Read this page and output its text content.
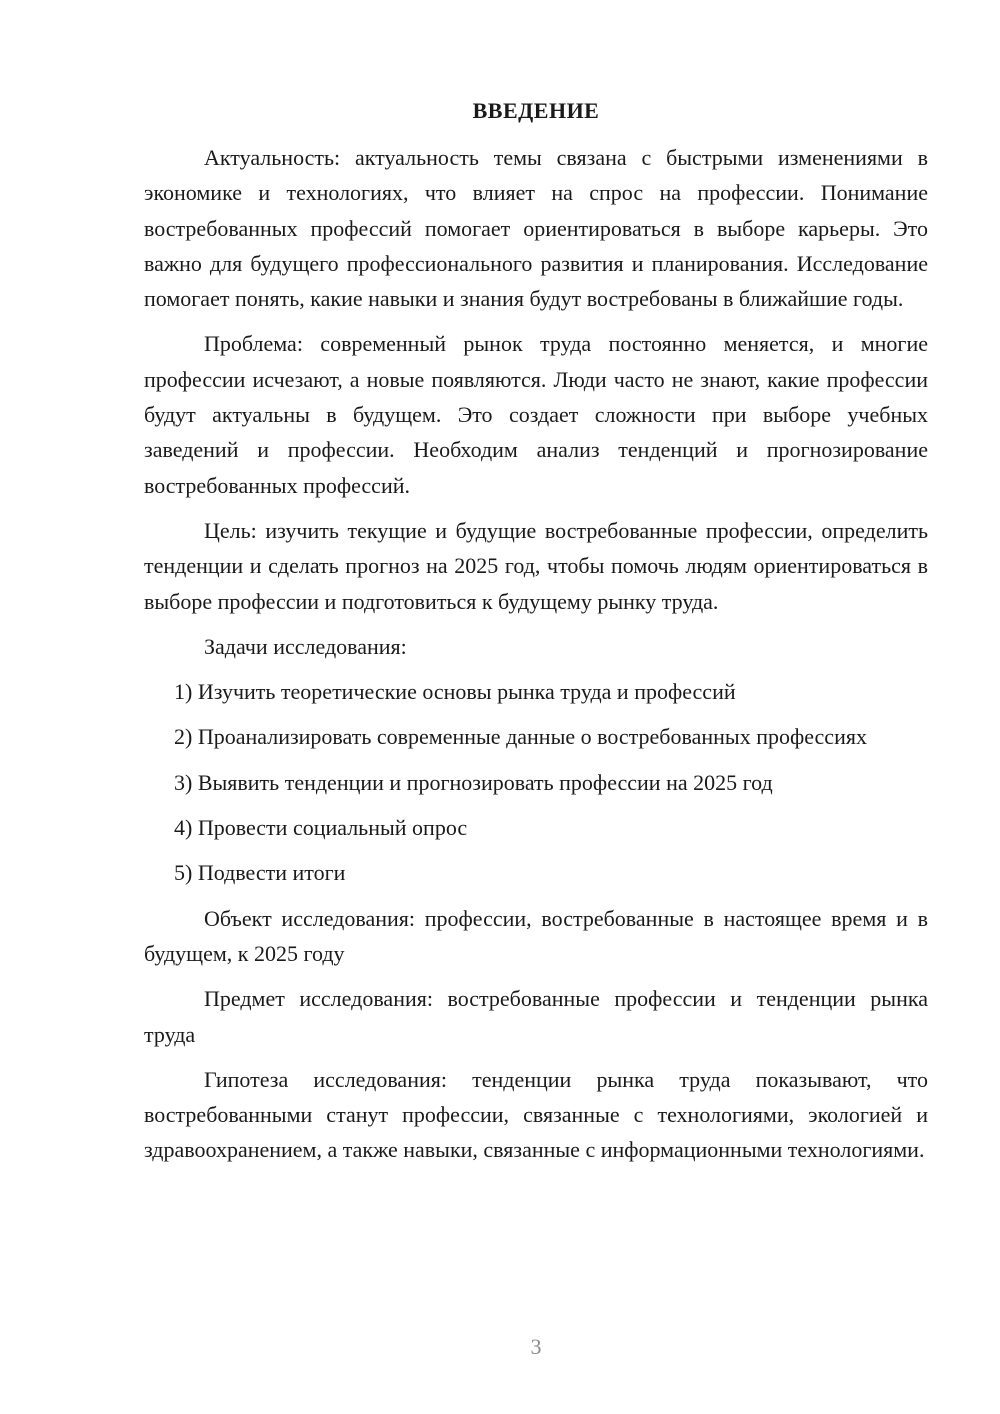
ВВЕДЕНИЕ

Актуальность: актуальность темы связана с быстрыми изменениями в экономике и технологиях, что влияет на спрос на профессии. Понимание востребованных профессий помогает ориентироваться в выборе карьеры. Это важно для будущего профессионального развития и планирования. Исследование помогает понять, какие навыки и знания будут востребованы в ближайшие годы.

Проблема: современный рынок труда постоянно меняется, и многие профессии исчезают, а новые появляются. Люди часто не знают, какие профессии будут актуальны в будущем. Это создает сложности при выборе учебных заведений и профессии. Необходим анализ тенденций и прогнозирование востребованных профессий.

Цель: изучить текущие и будущие востребованные профессии, определить тенденции и сделать прогноз на 2025 год, чтобы помочь людям ориентироваться в выборе профессии и подготовиться к будущему рынку труда.

Задачи исследования:

1) Изучить теоретические основы рынка труда и профессий

2) Проанализировать современные данные о востребованных профессиях

3) Выявить тенденции и прогнозировать профессии на 2025 год

4) Провести социальный опрос

5) Подвести итоги

Объект исследования: профессии, востребованные в настоящее время и в будущем, к 2025 году

Предмет исследования: востребованные профессии и тенденции рынка труда

Гипотеза исследования: тенденции рынка труда показывают, что востребованными станут профессии, связанные с технологиями, экологией и здравоохранением, а также навыки, связанные с информационными технологиями.

3
